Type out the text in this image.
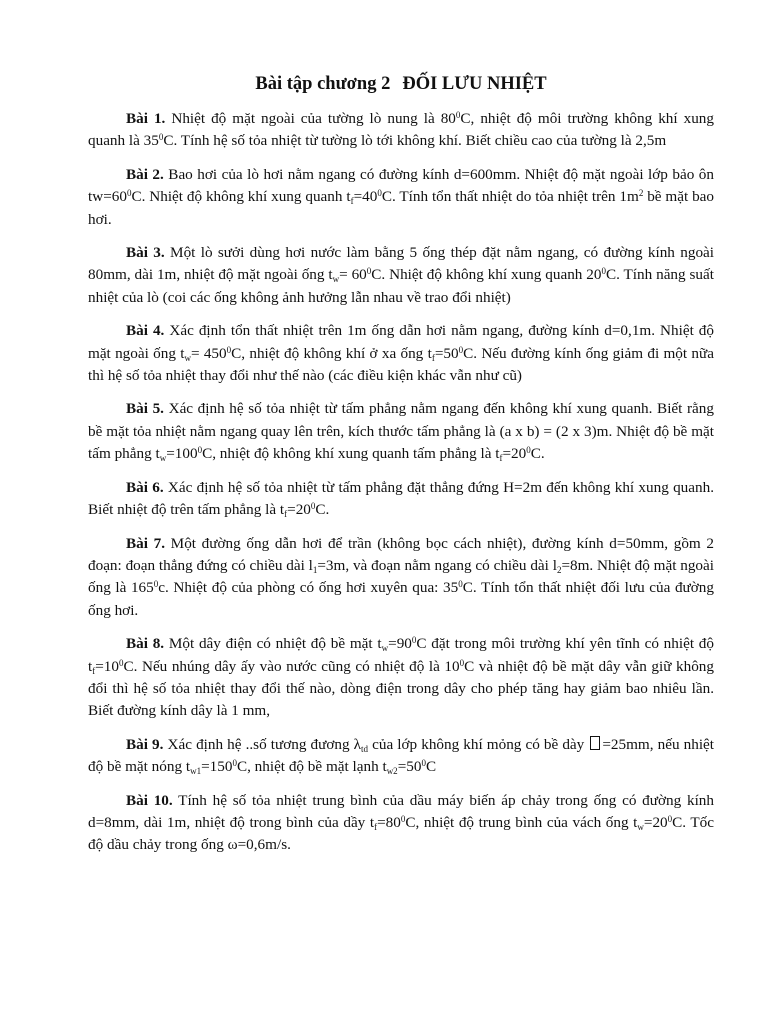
Bài tập chương 2 ĐỐI LƯU NHIỆT

Bài 1. Nhiệt độ mặt ngoài của tường lò nung là $80^0C$, nhiệt độ môi trường không khí xung quanh là $35^0C$. Tính hệ số tỏa nhiệt từ tường lò tới không khí. Biết chiều cao của tường là 2,5m

Bài 2. Bao hơi của lò hơi nằm ngang có đường kính d=600mm. Nhiệt độ mặt ngoài lớp bảo ôn $tw=60^0C$. Nhiệt độ không khí xung quanh $t_f=40^0C$. Tính tổn thất nhiệt do tỏa nhiệt trên $1m^2$ bề mặt bao hơi.

Bài 3. Một lò sưởi dùng hơi nước làm bằng 5 ống thép đặt nằm ngang, có đường kính ngoài 80mm, dài 1m, nhiệt độ mặt ngoài ống $t_w= 60^0C$. Nhiệt độ không khí xung quanh $20^0C$. Tính năng suất nhiệt của lò (coi các ống không ảnh hưởng lẫn nhau về trao đổi nhiệt)

Bài 4. Xác định tổn thất nhiệt trên 1m ống dẫn hơi nằm ngang, đường kính d=0,1m. Nhiệt độ mặt ngoài ống $t_w= 450^0C$, nhiệt độ không khí ở xa ống $t_f=50^0C$. Nếu đường kính ống giảm đi một nữa thì hệ số tỏa nhiệt thay đổi như thế nào (các điều kiện khác vẫn như cũ)

Bài 5. Xác định hệ số tỏa nhiệt từ tấm phẳng nằm ngang đến không khí xung quanh. Biết rằng bề mặt tỏa nhiệt nằm ngang quay lên trên, kích thước tấm phẳng là (a x b) = (2 x 3)m. Nhiệt độ bề mặt tấm phẳng $t_w=100^0C$, nhiệt độ không khí xung quanh tấm phẳng là $t_f=20^0C$.

Bài 6. Xác định hệ số tỏa nhiệt từ tấm phẳng đặt thẳng đứng H=2m đến không khí xung quanh. Biết nhiệt độ trên tấm phẳng là $t_f=20^0C$.

Bài 7. Một đường ống dẫn hơi để trần (không bọc cách nhiệt), đường kính d=50mm, gồm 2 đoạn: đoạn thẳng đứng có chiều dài $l_1=3m$, và đoạn nằm ngang có chiều dài $l_2=8m$. Nhiệt độ mặt ngoài ống là $165^0c$. Nhiệt độ của phòng có ống hơi xuyên qua: $35^0C$. Tính tổn thất nhiệt đối lưu của đường ống hơi.

Bài 8. Một dây điện có nhiệt độ bề mặt $t_w=90^0C$ đặt trong môi trường khí yên tĩnh có nhiệt độ $t_f=10^0C$. Nếu nhúng dây ấy vào nước cũng có nhiệt độ là $10^0C$ và nhiệt độ bề mặt dây vẫn giữ không đổi thì hệ số tỏa nhiệt thay đổi thế nào, dòng điện trong dây cho phép tăng hay giảm bao nhiêu lần. Biết đường kính dây là 1 mm,

Bài 9. Xác định hệ ..số tương đương $\lambda_{td}$ của lớp không khí mỏng có bề dày =25mm, nếu nhiệt độ bề mặt nóng $t_{w1}=150^0C$, nhiệt độ bề mặt lạnh $t_{w2}=50^0C$

Bài 10. Tính hệ số tỏa nhiệt trung bình của dầu máy biến áp chảy trong ống có đường kính d=8mm, dài 1m, nhiệt độ trong bình của dầy $t_f=80^0C$, nhiệt độ trung bình của vách ống $t_w=20^0C$. Tốc độ dầu chảy trong ống ω=0,6m/s.
